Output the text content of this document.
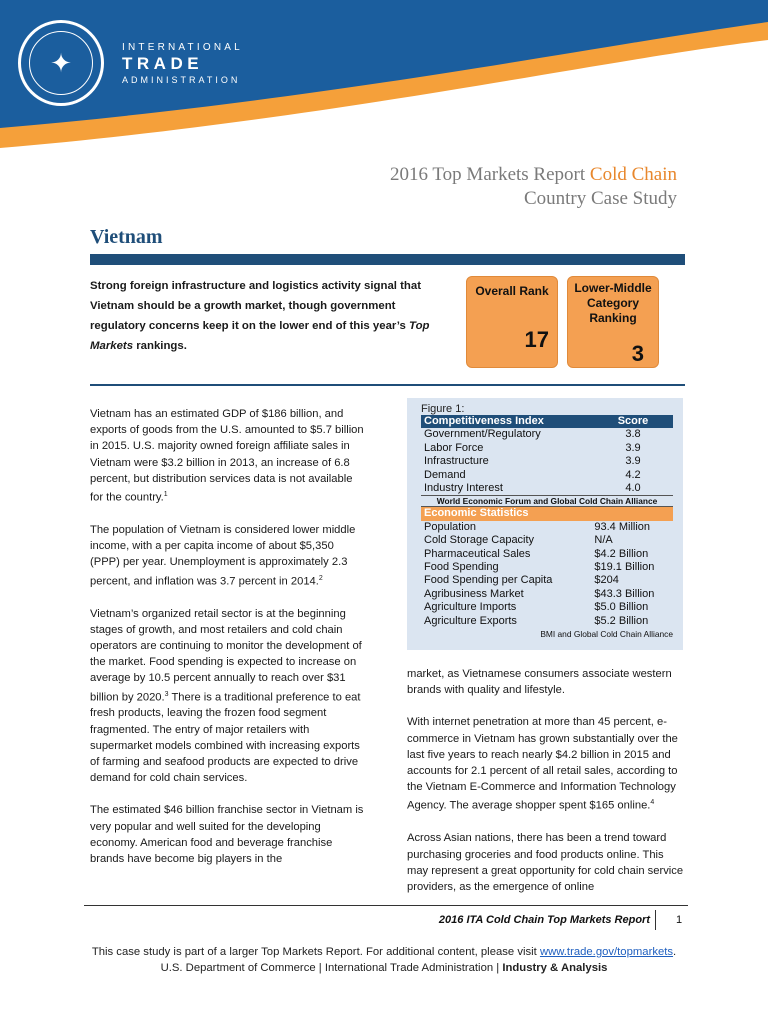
✦	INTERNATIONAL
TRADE
ADMINISTRATION
2016 Top Markets Report Cold Chain
Country Case Study
Vietnam
Strong foreign infrastructure and logistics activity signal that Vietnam should be a growth market, though government regulatory concerns keep it on the lower end of this year’s Top Markets rankings.
Overall Rank
17
Lower-Middle Category Ranking
3

Vietnam has an estimated GDP of $186 billion, and exports of goods from the U.S. amounted to $5.7 billion in 2015. U.S. majority owned foreign affiliate sales in Vietnam were $3.2 billion in 2013, an increase of 6.8 percent, but distribution services data is not available for the country.$^1$

The population of Vietnam is considered lower middle income, with a per capita income of about $5,350 (PPP) per year. Unemployment is approximately 2.3 percent, and inflation was 3.7 percent in 2014.$^2$

Vietnam’s organized retail sector is at the beginning stages of growth, and most retailers and cold chain operators are continuing to monitor the development of the market. Food spending is expected to increase on average by 10.5 percent annually to reach over $31 billion by 2020.$^3$ There is a traditional preference to eat fresh products, leaving the frozen food segment fragmented. The entry of major retailers with supermarket models combined with increasing exports of farming and seafood products are expected to drive demand for cold chain services.

The estimated $46 billion franchise sector in Vietnam is very popular and well suited for the developing economy. American food and beverage franchise brands have become big players in the

Figure 1:
Competitiveness Index	Score
Government/Regulatory	3.8
Labor Force	3.9
Infrastructure	3.9
Demand	4.2
Industry Interest	4.0
World Economic Forum and Global Cold Chain Alliance
Economic Statistics	
Population	93.4 Million
Cold Storage Capacity	N/A
Pharmaceutical Sales	$4.2 Billion
Food Spending	$19.1 Billion
Food Spending per Capita	$204
Agribusiness Market	$43.3 Billion
Agriculture Imports	$5.0 Billion
Agriculture Exports	$5.2 Billion
BMI and Global Cold Chain Alliance

market, as Vietnamese consumers associate western brands with quality and lifestyle.

With internet penetration at more than 45 percent, e-commerce in Vietnam has grown substantially over the last five years to reach nearly $4.2 billion in 2015 and accounts for 2.1 percent of all retail sales, according to the Vietnam E-Commerce and Information Technology Agency. The average shopper spent $165 online.$^4$

Across Asian nations, there has been a trend toward purchasing groceries and food products online. This may represent a great opportunity for cold chain service providers, as the emergence of online

2016 ITA Cold Chain Top Markets Report 1
This case study is part of a larger Top Markets Report. For additional content, please visit www.trade.gov/topmarkets.
U.S. Department of Commerce | International Trade Administration | Industry & Analysis
